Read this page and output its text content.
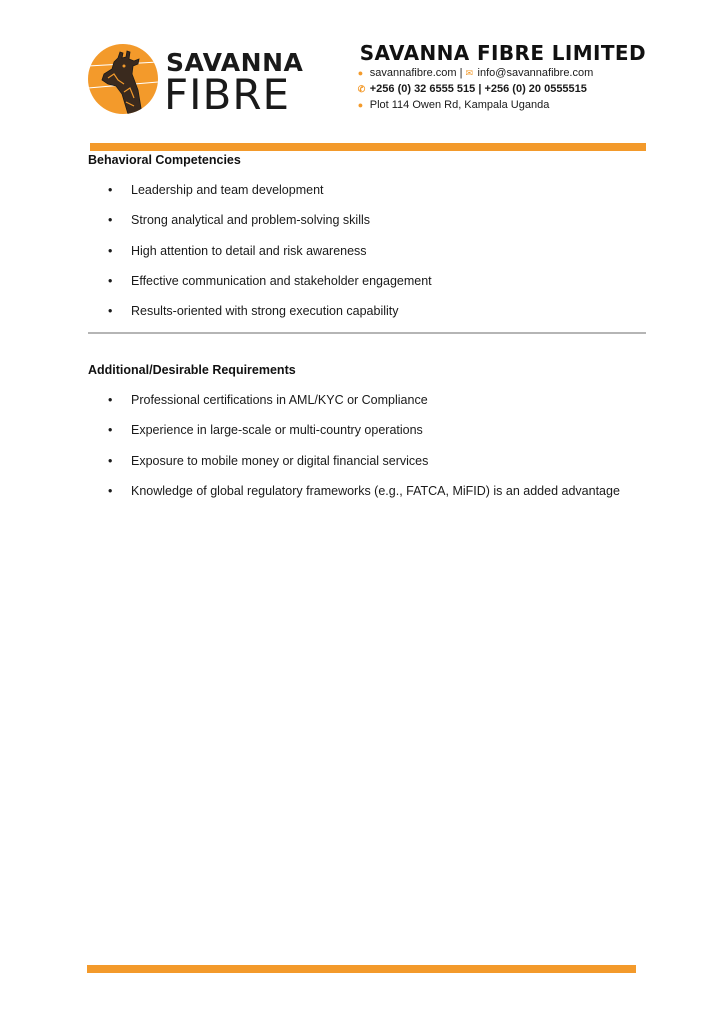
SAVANNA
FIBRE
SAVANNA FIBRE LIMITED
● savannafibre.com | ✉ info@savannafibre.com
✆ +256 (0) 32 6555 515 | +256 (0) 20 0555515
● Plot 114 Owen Rd, Kampala Uganda
Behavioral Competencies
• Leadership and team development
• Strong analytical and problem-solving skills
• High attention to detail and risk awareness
• Effective communication and stakeholder engagement
• Results-oriented with strong execution capability
Additional/Desirable Requirements
• Professional certifications in AML/KYC or Compliance
• Experience in large-scale or multi-country operations
• Exposure to mobile money or digital financial services
• Knowledge of global regulatory frameworks (e.g., FATCA, MiFID) is an added advantage
